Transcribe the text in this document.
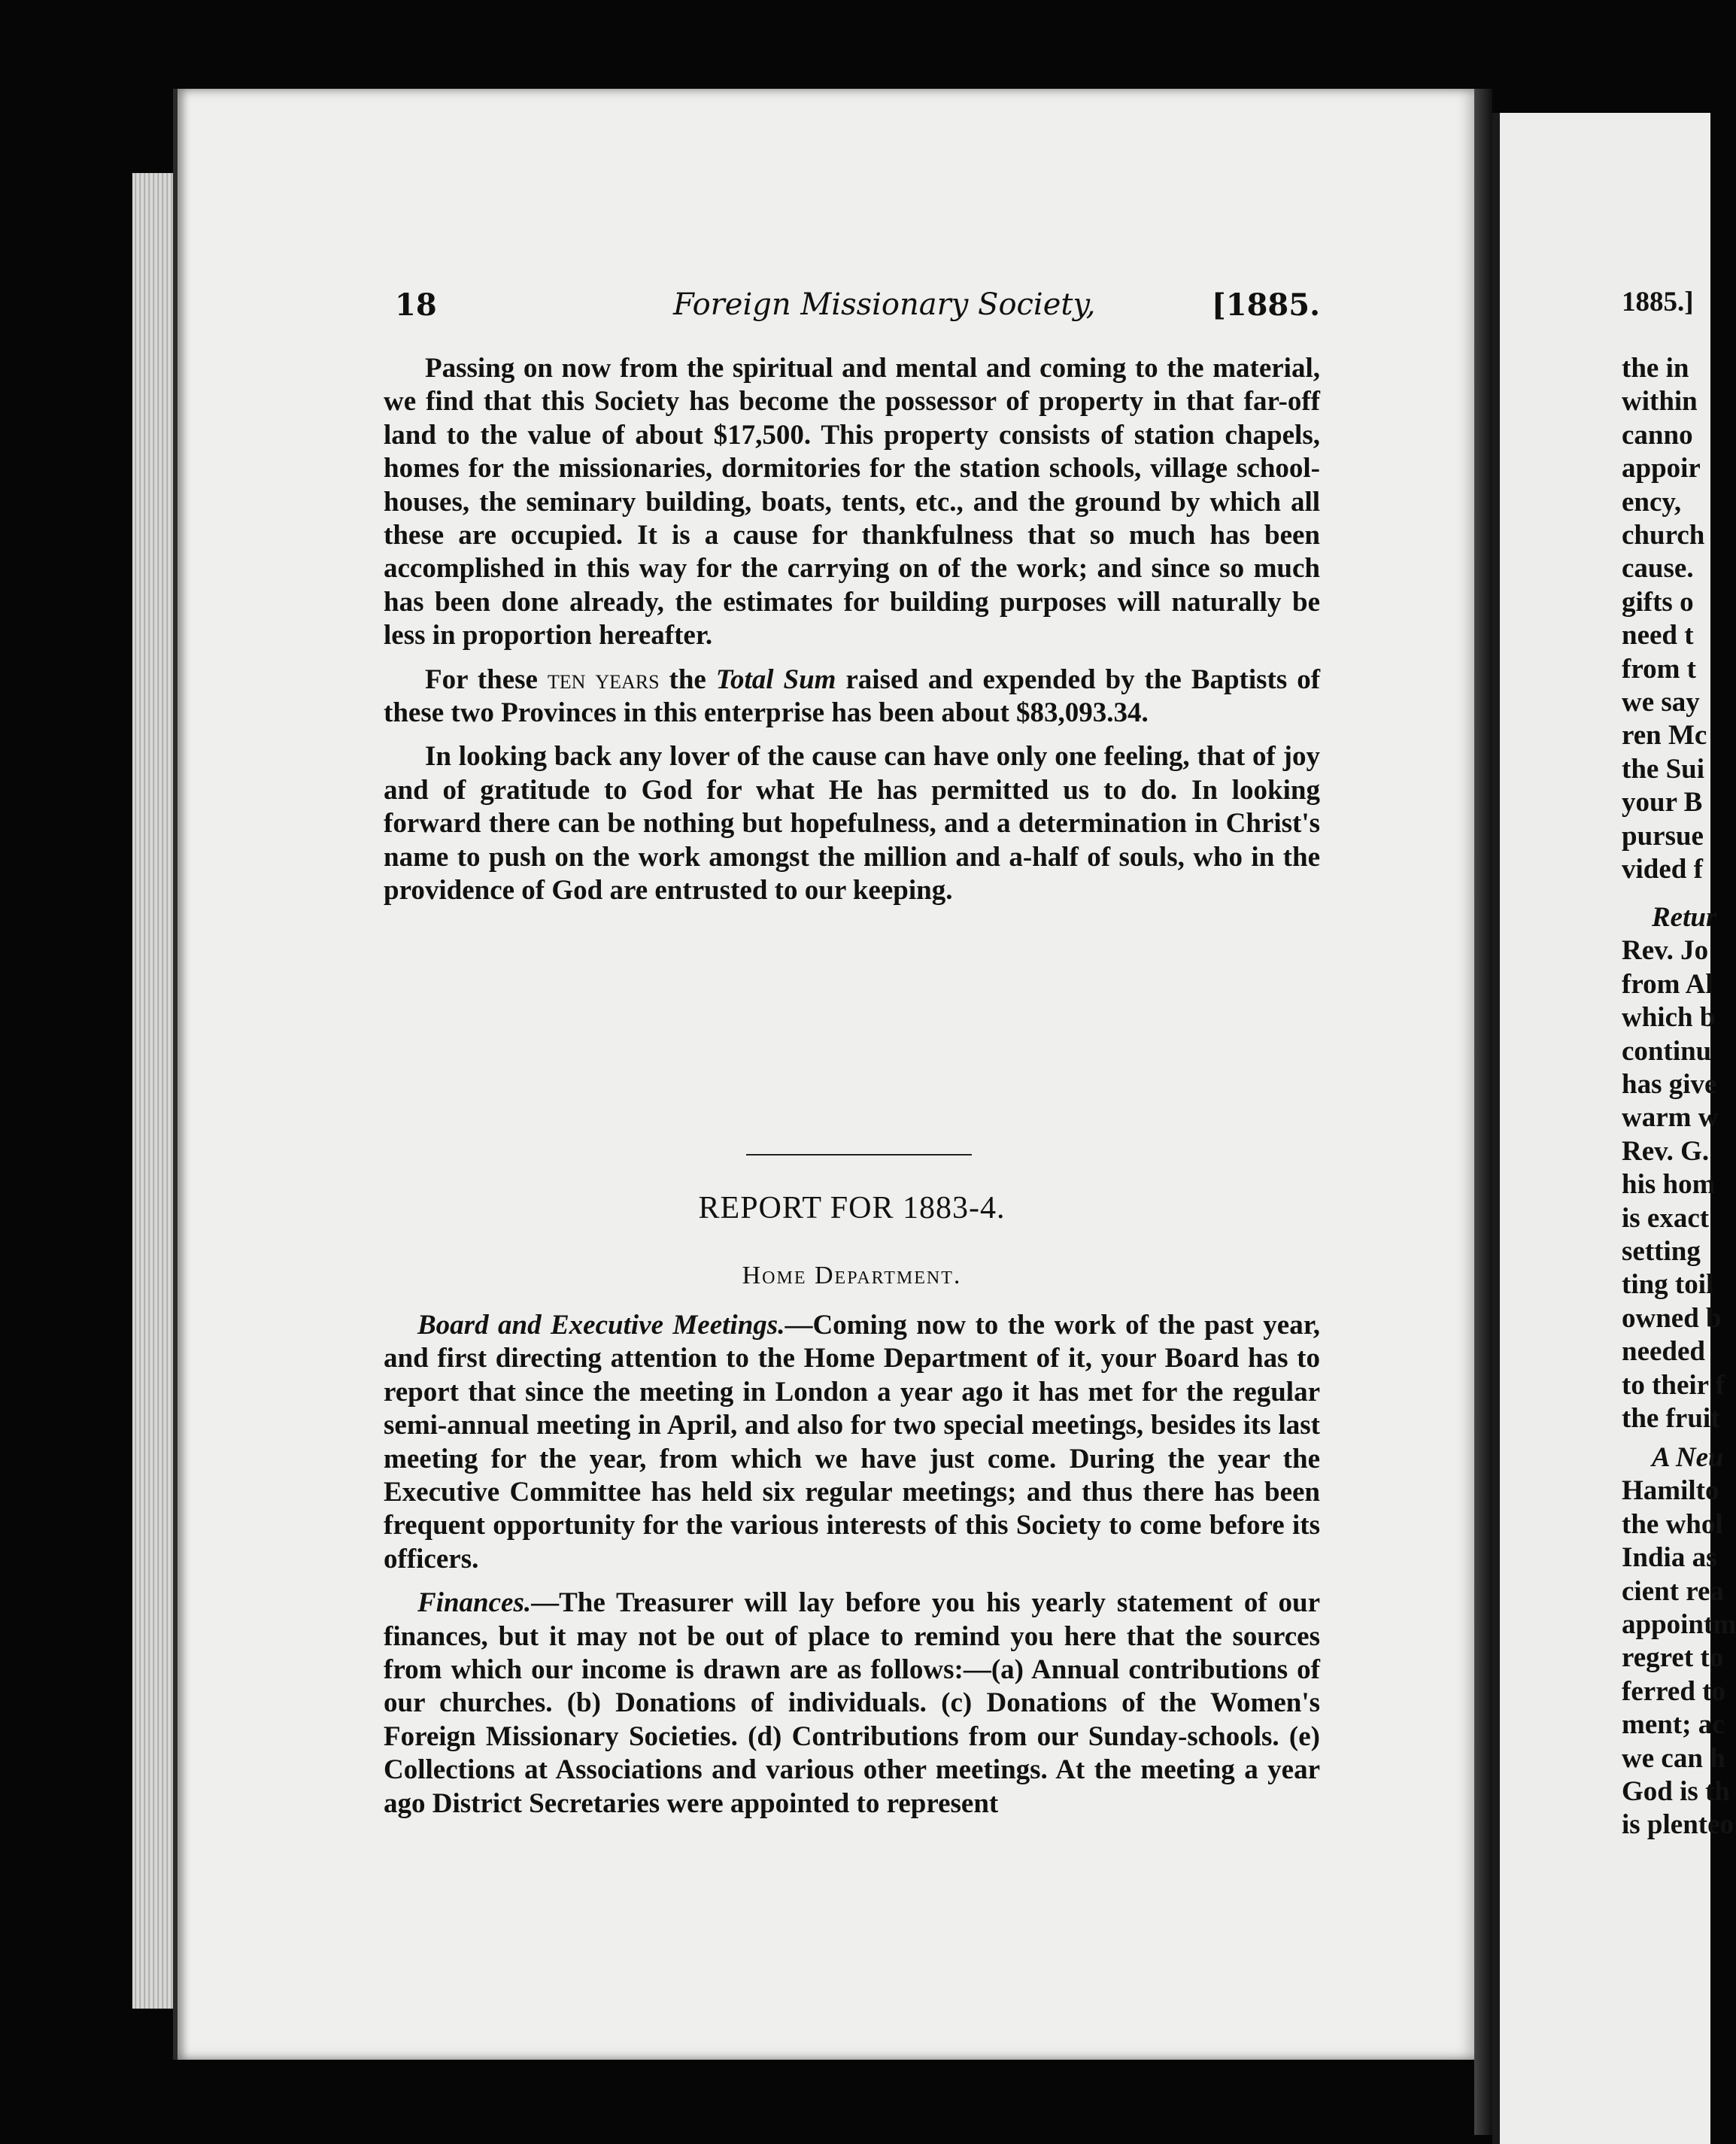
18	Foreign Missionary Society,	[1885.

Passing on now from the spiritual and mental and coming to the material, we find that this Society has become the possessor of property in that far-off land to the value of about $17,500. This property consists of station chapels, homes for the missionaries, dormitories for the station schools, village school-houses, the seminary building, boats, tents, etc., and the ground by which all these are occupied. It is a cause for thankfulness that so much has been accomplished in this way for the carrying on of the work; and since so much has been done already, the estimates for building purposes will naturally be less in proportion hereafter.

For these ten years the Total Sum raised and expended by the Baptists of these two Provinces in this enterprise has been about $83,093.34.

In looking back any lover of the cause can have only one feeling, that of joy and of gratitude to God for what He has permitted us to do. In looking forward there can be nothing but hopefulness, and a determination in Christ's name to push on the work amongst the million and a-half of souls, who in the providence of God are entrusted to our keeping.

REPORT FOR 1883-4.
Home Department.

Board and Executive Meetings.—Coming now to the work of the past year, and first directing attention to the Home Department of it, your Board has to report that since the meeting in London a year ago it has met for the regular semi-annual meeting in April, and also for two special meetings, besides its last meeting for the year, from which we have just come. During the year the Executive Committee has held six regular meetings; and thus there has been frequent opportunity for the various interests of this Society to come before its officers.

Finances.—The Treasurer will lay before you his yearly statement of our finances, but it may not be out of place to remind you here that the sources from which our income is drawn are as follows:—(a) Annual contributions of our churches. (b) Donations of individuals. (c) Donations of the Women's Foreign Missionary Societies. (d) Contributions from our Sunday-schools. (e) Collections at Associations and various other meetings. At the meeting a year ago District Secretaries were appointed to represent

1885.]
the in
within
canno
appoir
ency,
church
cause.
gifts o
need t
from t
we say
ren Mc
the Sui
your B
pursue
vided f
Retur
Rev. Jo
from Al
which b
continu
has give
warm w
Rev. G.
his hom
is exact
setting
ting toil
owned b
needed
to their f
the fruit
A Neu
Hamilto
the whol
India as
cient rea
appointm
regret to
ferred to
ment; ac
we can h
God is th
is plenteo
